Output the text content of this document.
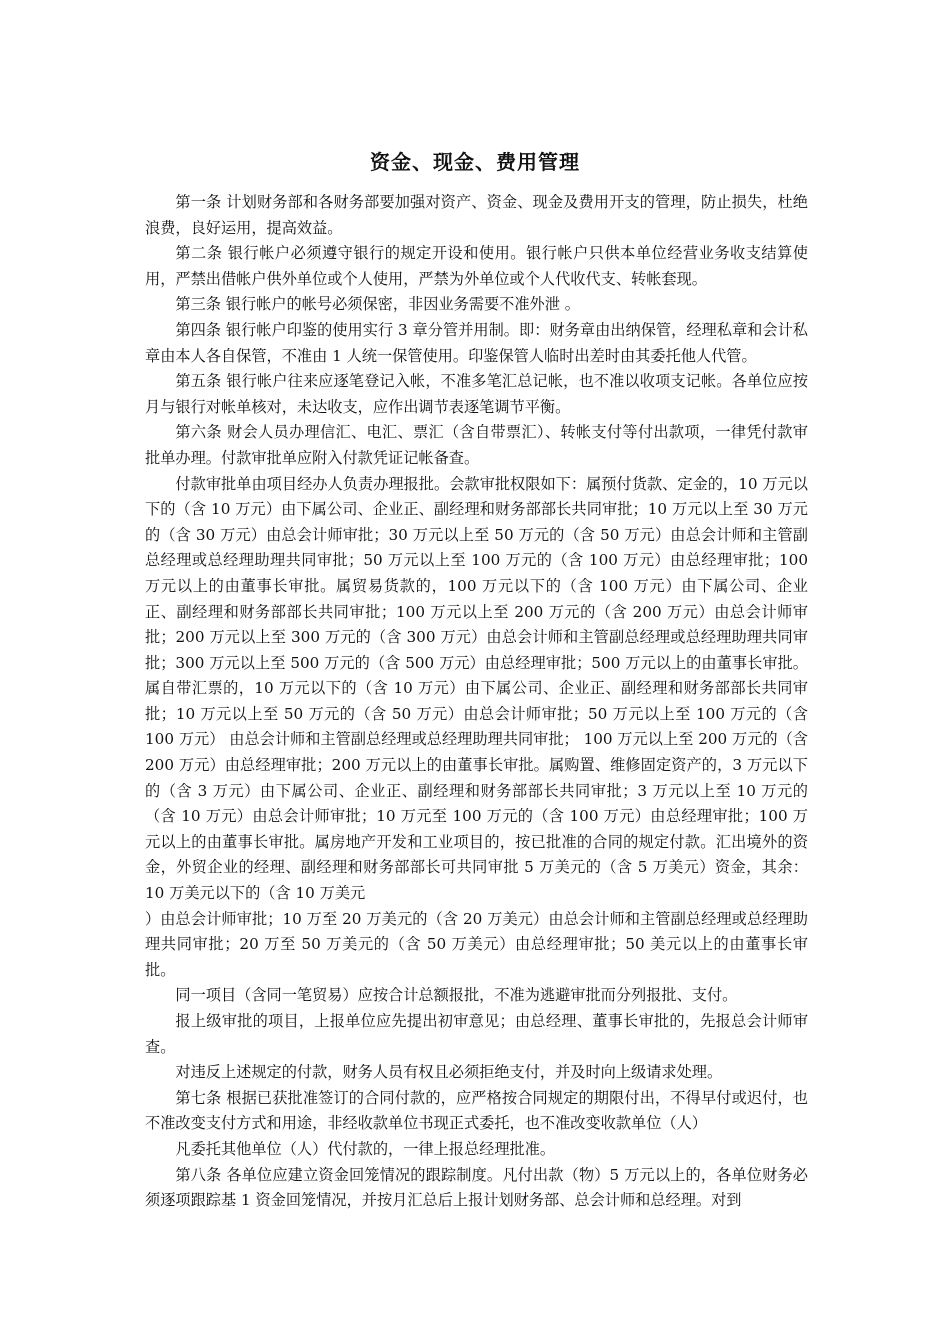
资金、现金、费用管理

第一条 计划财务部和各财务部要加强对资产、资金、现金及费用开支的管理，防止损失，杜绝浪费，良好运用，提高效益。

第二条 银行帐户必须遵守银行的规定开设和使用。银行帐户只供本单位经营业务收支结算使用，严禁出借帐户供外单位或个人使用，严禁为外单位或个人代收代支、转帐套现。

第三条 银行帐户的帐号必须保密，非因业务需要不准外泄 。

第四条 银行帐户印鉴的使用实行 3 章分管并用制。即：财务章由出纳保管，经理私章和会计私章由本人各自保管，不准由 1 人统一保管使用。印鉴保管人临时出差时由其委托他人代管。

第五条 银行帐户往来应逐笔登记入帐，不准多笔汇总记帐，也不准以收项支记帐。各单位应按月与银行对帐单核对，未达收支，应作出调节表逐笔调节平衡。

第六条 财会人员办理信汇、电汇、票汇（含自带票汇）、转帐支付等付出款项，一律凭付款审批单办理。付款审批单应附入付款凭证记帐备查。

付款审批单由项目经办人负责办理报批。会款审批权限如下：属预付货款、定金的，10 万元以下的（含 10 万元）由下属公司、企业正、副经理和财务部部长共同审批；10 万元以上至 30 万元的（含 30 万元）由总会计师审批；30 万元以上至 50 万元的（含 50 万元）由总会计师和主管副总经理或总经理助理共同审批；50 万元以上至 100 万元的（含 100 万元）由总经理审批；100 万元以上的由董事长审批。属贸易货款的，100 万元以下的（含 100 万元）由下属公司、企业正、副经理和财务部部长共同审批；100 万元以上至 200 万元的（含 200 万元）由总会计师审批；200 万元以上至 300 万元的（含 300 万元）由总会计师和主管副总经理或总经理助理共同审批；300 万元以上至 500 万元的（含 500 万元）由总经理审批；500 万元以上的由董事长审批。属自带汇票的，10 万元以下的（含 10 万元）由下属公司、企业正、副经理和财务部部长共同审批；10 万元以上至 50 万元的（含 50 万元）由总会计师审批；50 万元以上至 100 万元的（含 100 万元） 由总会计师和主管副总经理或总经理助理共同审批； 100 万元以上至 200 万元的（含 200 万元）由总经理审批；200 万元以上的由董事长审批。属购置、维修固定资产的，3 万元以下的（含 3 万元）由下属公司、企业正、副经理和财务部部长共同审批；3 万元以上至 10 万元的（含 10 万元）由总会计师审批；10 万元至 100 万元的（含 100 万元）由总经理审批；100 万元以上的由董事长审批。属房地产开发和工业项目的，按已批准的合同的规定付款。汇出境外的资金，外贸企业的经理、副经理和财务部部长可共同审批 5 万美元的（含 5 万美元）资金，其余：10 万美元以下的（含 10 万美元

）由总会计师审批；10 万至 20 万美元的（含 20 万美元）由总会计师和主管副总经理或总经理助理共同审批；20 万至 50 万美元的（含 50 万美元）由总经理审批；50 美元以上的由董事长审批。

同一项目（含同一笔贸易）应按合计总额报批，不准为逃避审批而分列报批、支付。

报上级审批的项目，上报单位应先提出初审意见；由总经理、董事长审批的，先报总会计师审查。

对违反上述规定的付款，财务人员有权且必须拒绝支付，并及时向上级请求处理。

第七条 根据已获批准签订的合同付款的，应严格按合同规定的期限付出，不得早付或迟付，也不准改变支付方式和用途，非经收款单位书现正式委托，也不准改变收款单位（人）

凡委托其他单位（人）代付款的，一律上报总经理批准。

第八条 各单位应建立资金回笼情况的跟踪制度。凡付出款（物）5 万元以上的，各单位财务必须逐项跟踪基 1 资金回笼情况，并按月汇总后上报计划财务部、总会计师和总经理。对到
